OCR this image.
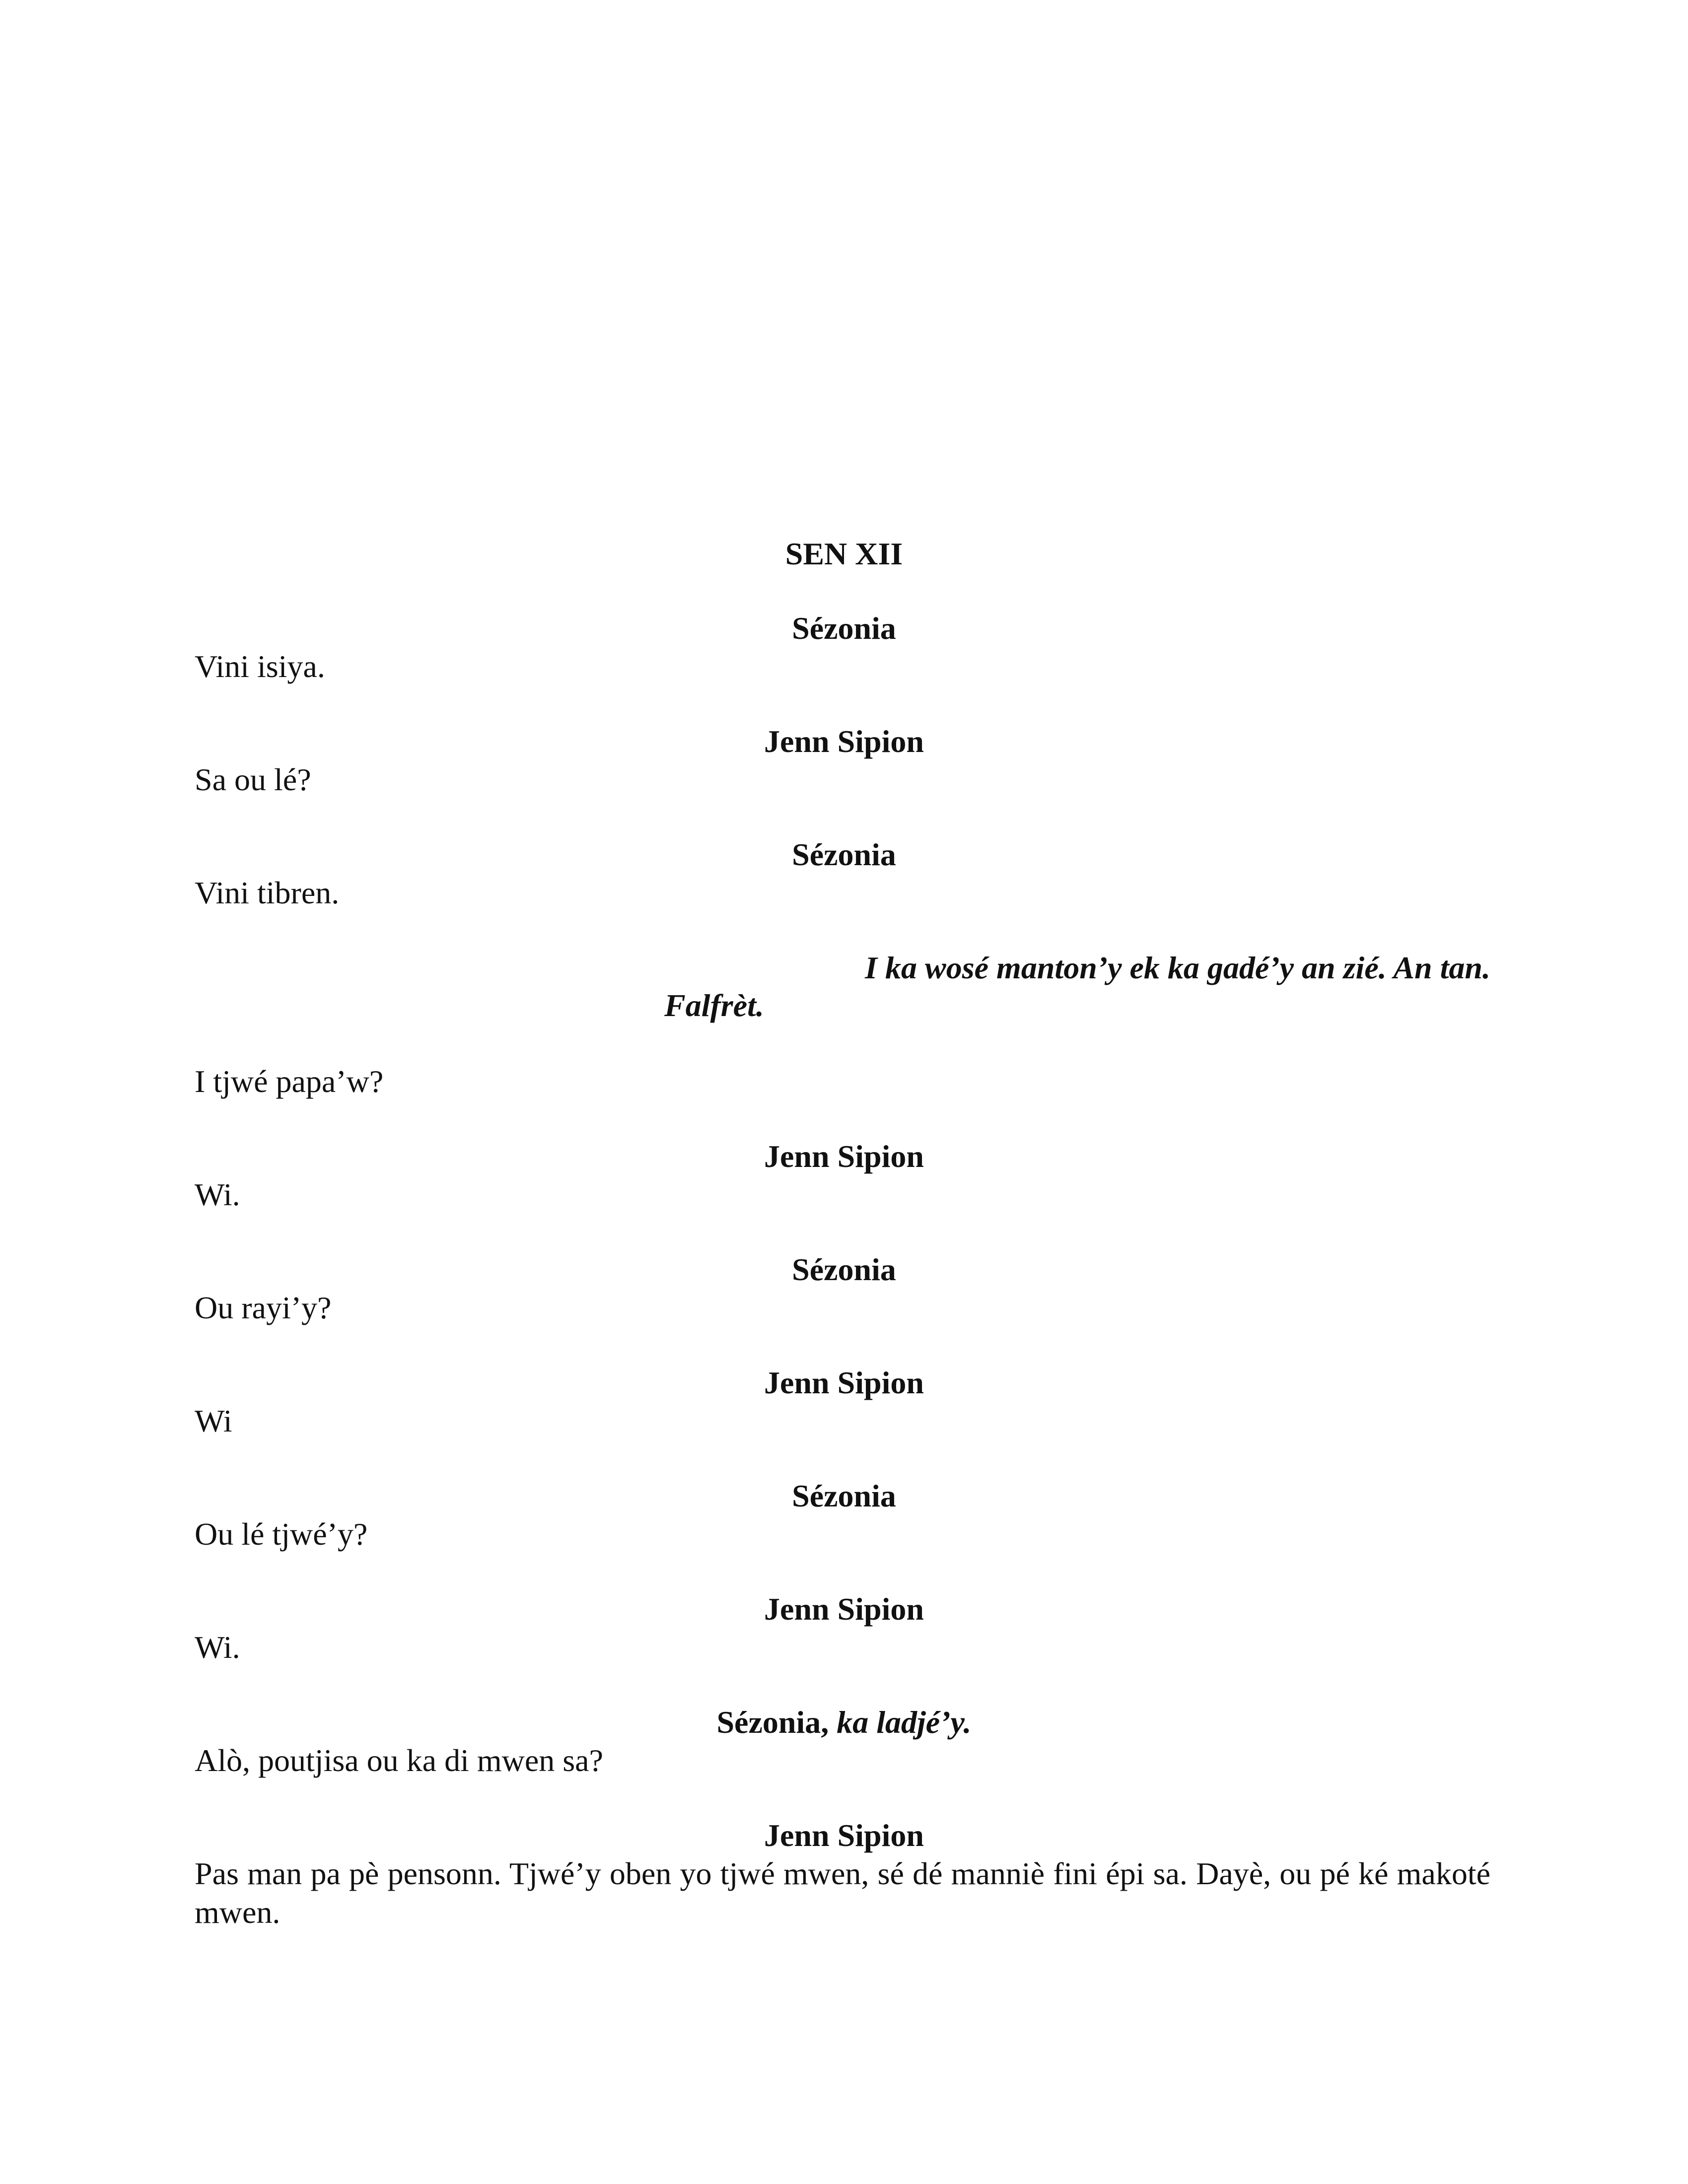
SEN XII
Sézonia
Vini isiya.
Jenn Sipion
Sa ou lé?
Sézonia
Vini tibren.
I ka wosé manton’y ek ka gadé’y an zié. An tan.
Falfrèt.
I tjwé papa’w?
Jenn Sipion
Wi.
Sézonia
Ou rayi’y?
Jenn Sipion
Wi
Sézonia
Ou lé tjwé’y?
Jenn Sipion
Wi.
Sézonia, ka ladjé’y.
Alò, poutjisa ou ka di mwen sa?
Jenn Sipion
Pas man pa pè pensonn. Tjwé’y oben yo tjwé mwen, sé dé manniè fini épi sa. Dayè, ou pé ké makoté mwen.
